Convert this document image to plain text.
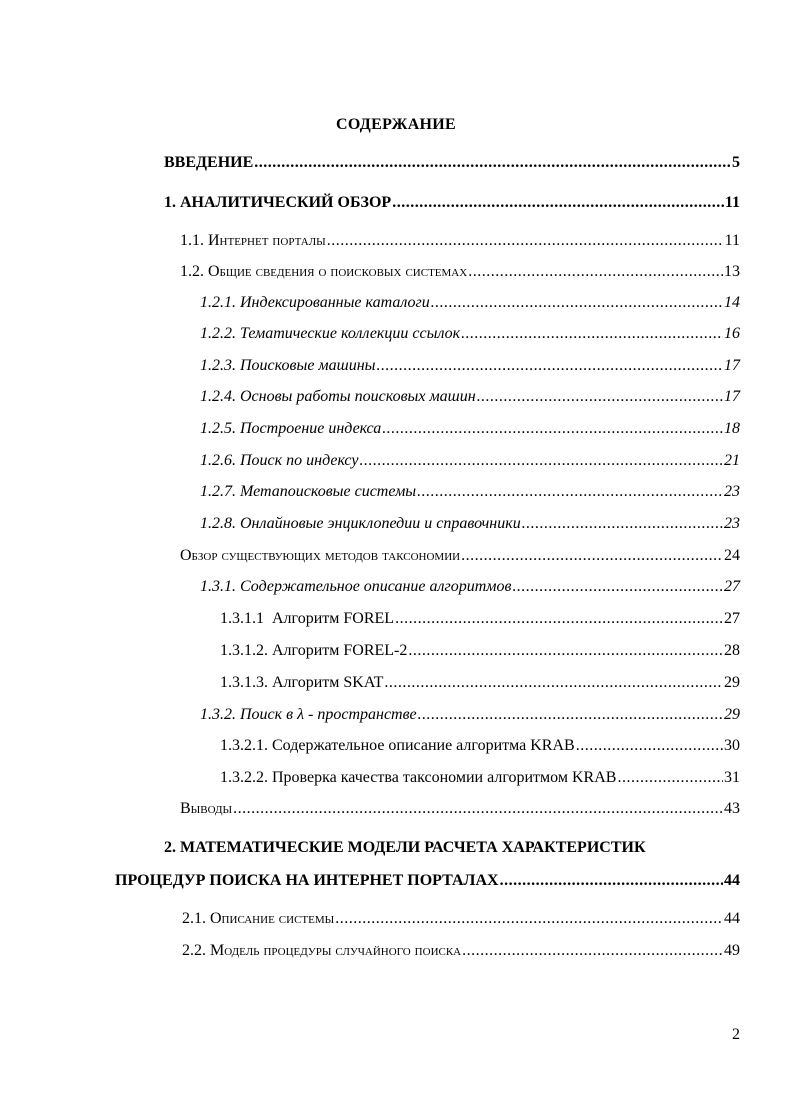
СОДЕРЖАНИЕ
ВВЕДЕНИЕ .....	5
1. АНАЛИТИЧЕСКИЙ ОБЗОР .....	11
1.1. Интернет порталы .....	11
1.2. Общие сведения о поисковых системах .....	13
1.2.1. Индексированные каталоги .....	14
1.2.2. Тематические коллекции ссылок .....	16
1.2.3. Поисковые машины .....	17
1.2.4. Основы работы поисковых машин .....	17
1.2.5. Построение индекса .....	18
1.2.6. Поиск по индексу .....	21
1.2.7. Метапоисковые системы .....	23
1.2.8. Онлайновые энциклопедии и справочники .....	23
Обзор существующих методов таксономии .....	24
1.3.1. Содержательное описание алгоритмов .....	27
1.3.1.1  Алгоритм FOREL .....	27
1.3.1.2. Алгоритм FOREL-2 .....	28
1.3.1.3. Алгоритм SKAT .....	29
1.3.2. Поиск в λ - пространстве .....	29
1.3.2.1. Содержательное описание алгоритма KRAB .....	30
1.3.2.2. Проверка качества таксономии алгоритмом KRAB .....	31
Выводы .....	43
2. МАТЕМАТИЧЕСКИЕ МОДЕЛИ РАСЧЕТА ХАРАКТЕРИСТИК
ПРОЦЕДУР ПОИСКА НА ИНТЕРНЕТ ПОРТАЛАХ .....	44
2.1. Описание системы .....	44
2.2. Модель процедуры случайного поиска .....	49
2
